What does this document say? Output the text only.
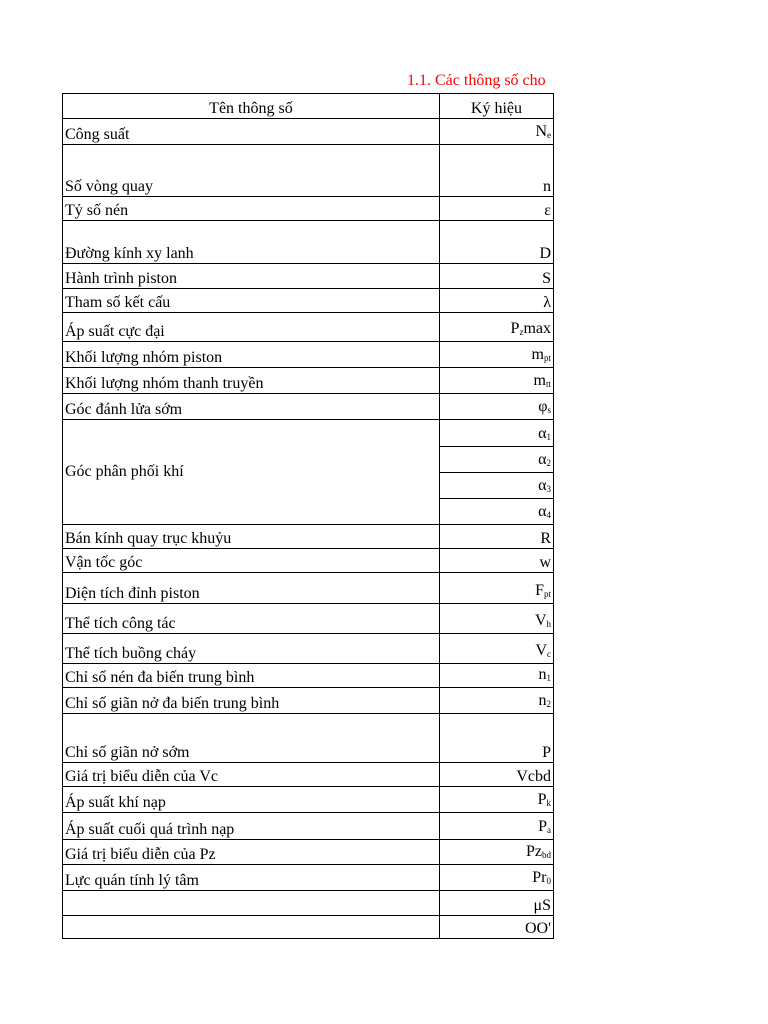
1.1. Các thông số cho
Tên thông số	Ký hiệu
Công suất	$N_e$
Số vòng quay	n
Tỷ số nén	ε
Đường kính xy lanh	D
Hành trình piston	S
Tham số kết cấu	λ
Áp suất cực đại	$P_z\max$
Khối lượng nhóm piston	$m_{pt}$
Khối lượng nhóm thanh truyền	$m_{tt}$
Góc đánh lửa sớm	$\varphi_s$
Góc phân phối khí	$\alpha_1$
	$\alpha_2$
	$\alpha_3$
	$\alpha_4$
Bán kính quay trục khuỷu	R
Vận tốc góc	w
Diện tích đỉnh piston	$F_{pt}$
Thể tích công tác	$V_h$
Thể tích buồng cháy	$V_c$
Chỉ số nén đa biến trung bình	$n_1$
Chỉ số giãn nở đa biến trung bình	$n_2$
Chỉ số giãn nở sớm	P
Giá trị biểu diễn của Vc	Vcbd
Áp suất khí nạp	$P_k$
Áp suất cuối quá trình nạp	$P_a$
Giá trị biểu diễn của Pz	$Pz_{bd}$
Lực quán tính lý tâm	$Pr_0$
	μS
	OO'
